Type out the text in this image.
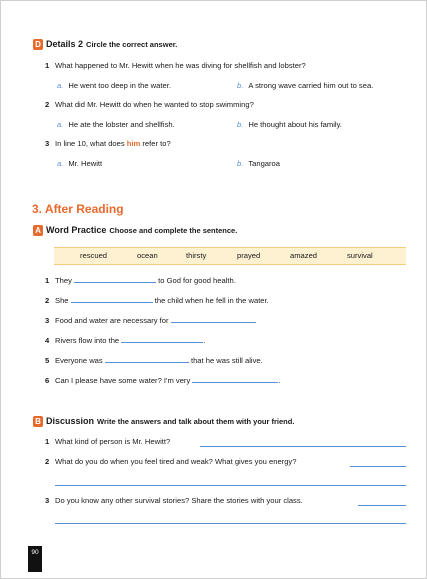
D Details 2 Circle the correct answer.
1 What happened to Mr. Hewitt when he was diving for shellfish and lobster?
a. He went too deep in the water.	b. A strong wave carried him out to sea.
2 What did Mr. Hewitt do when he wanted to stop swimming?
a. He ate the lobster and shellfish.	b. He thought about his family.
3 In line 10, what does him refer to?
a. Mr. Hewitt	b. Tangaroa
3. After Reading
A Word Practice Choose and complete the sentence.
rescued	ocean	thirsty	prayed	amazed	survival
1 They	to God for good health.
2 She	the child when he fell in the water.
3 Food and water are necessary for	.
4 Rivers flow into the	.
5 Everyone was	that he was still alive.
6 Can I please have some water? I'm very	.
B Discussion Write the answers and talk about them with your friend.
1 What kind of person is Mr. Hewitt?
2 What do you do when you feel tired and weak? What gives you energy?
3 Do you know any other survival stories? Share the stories with your class.
90
